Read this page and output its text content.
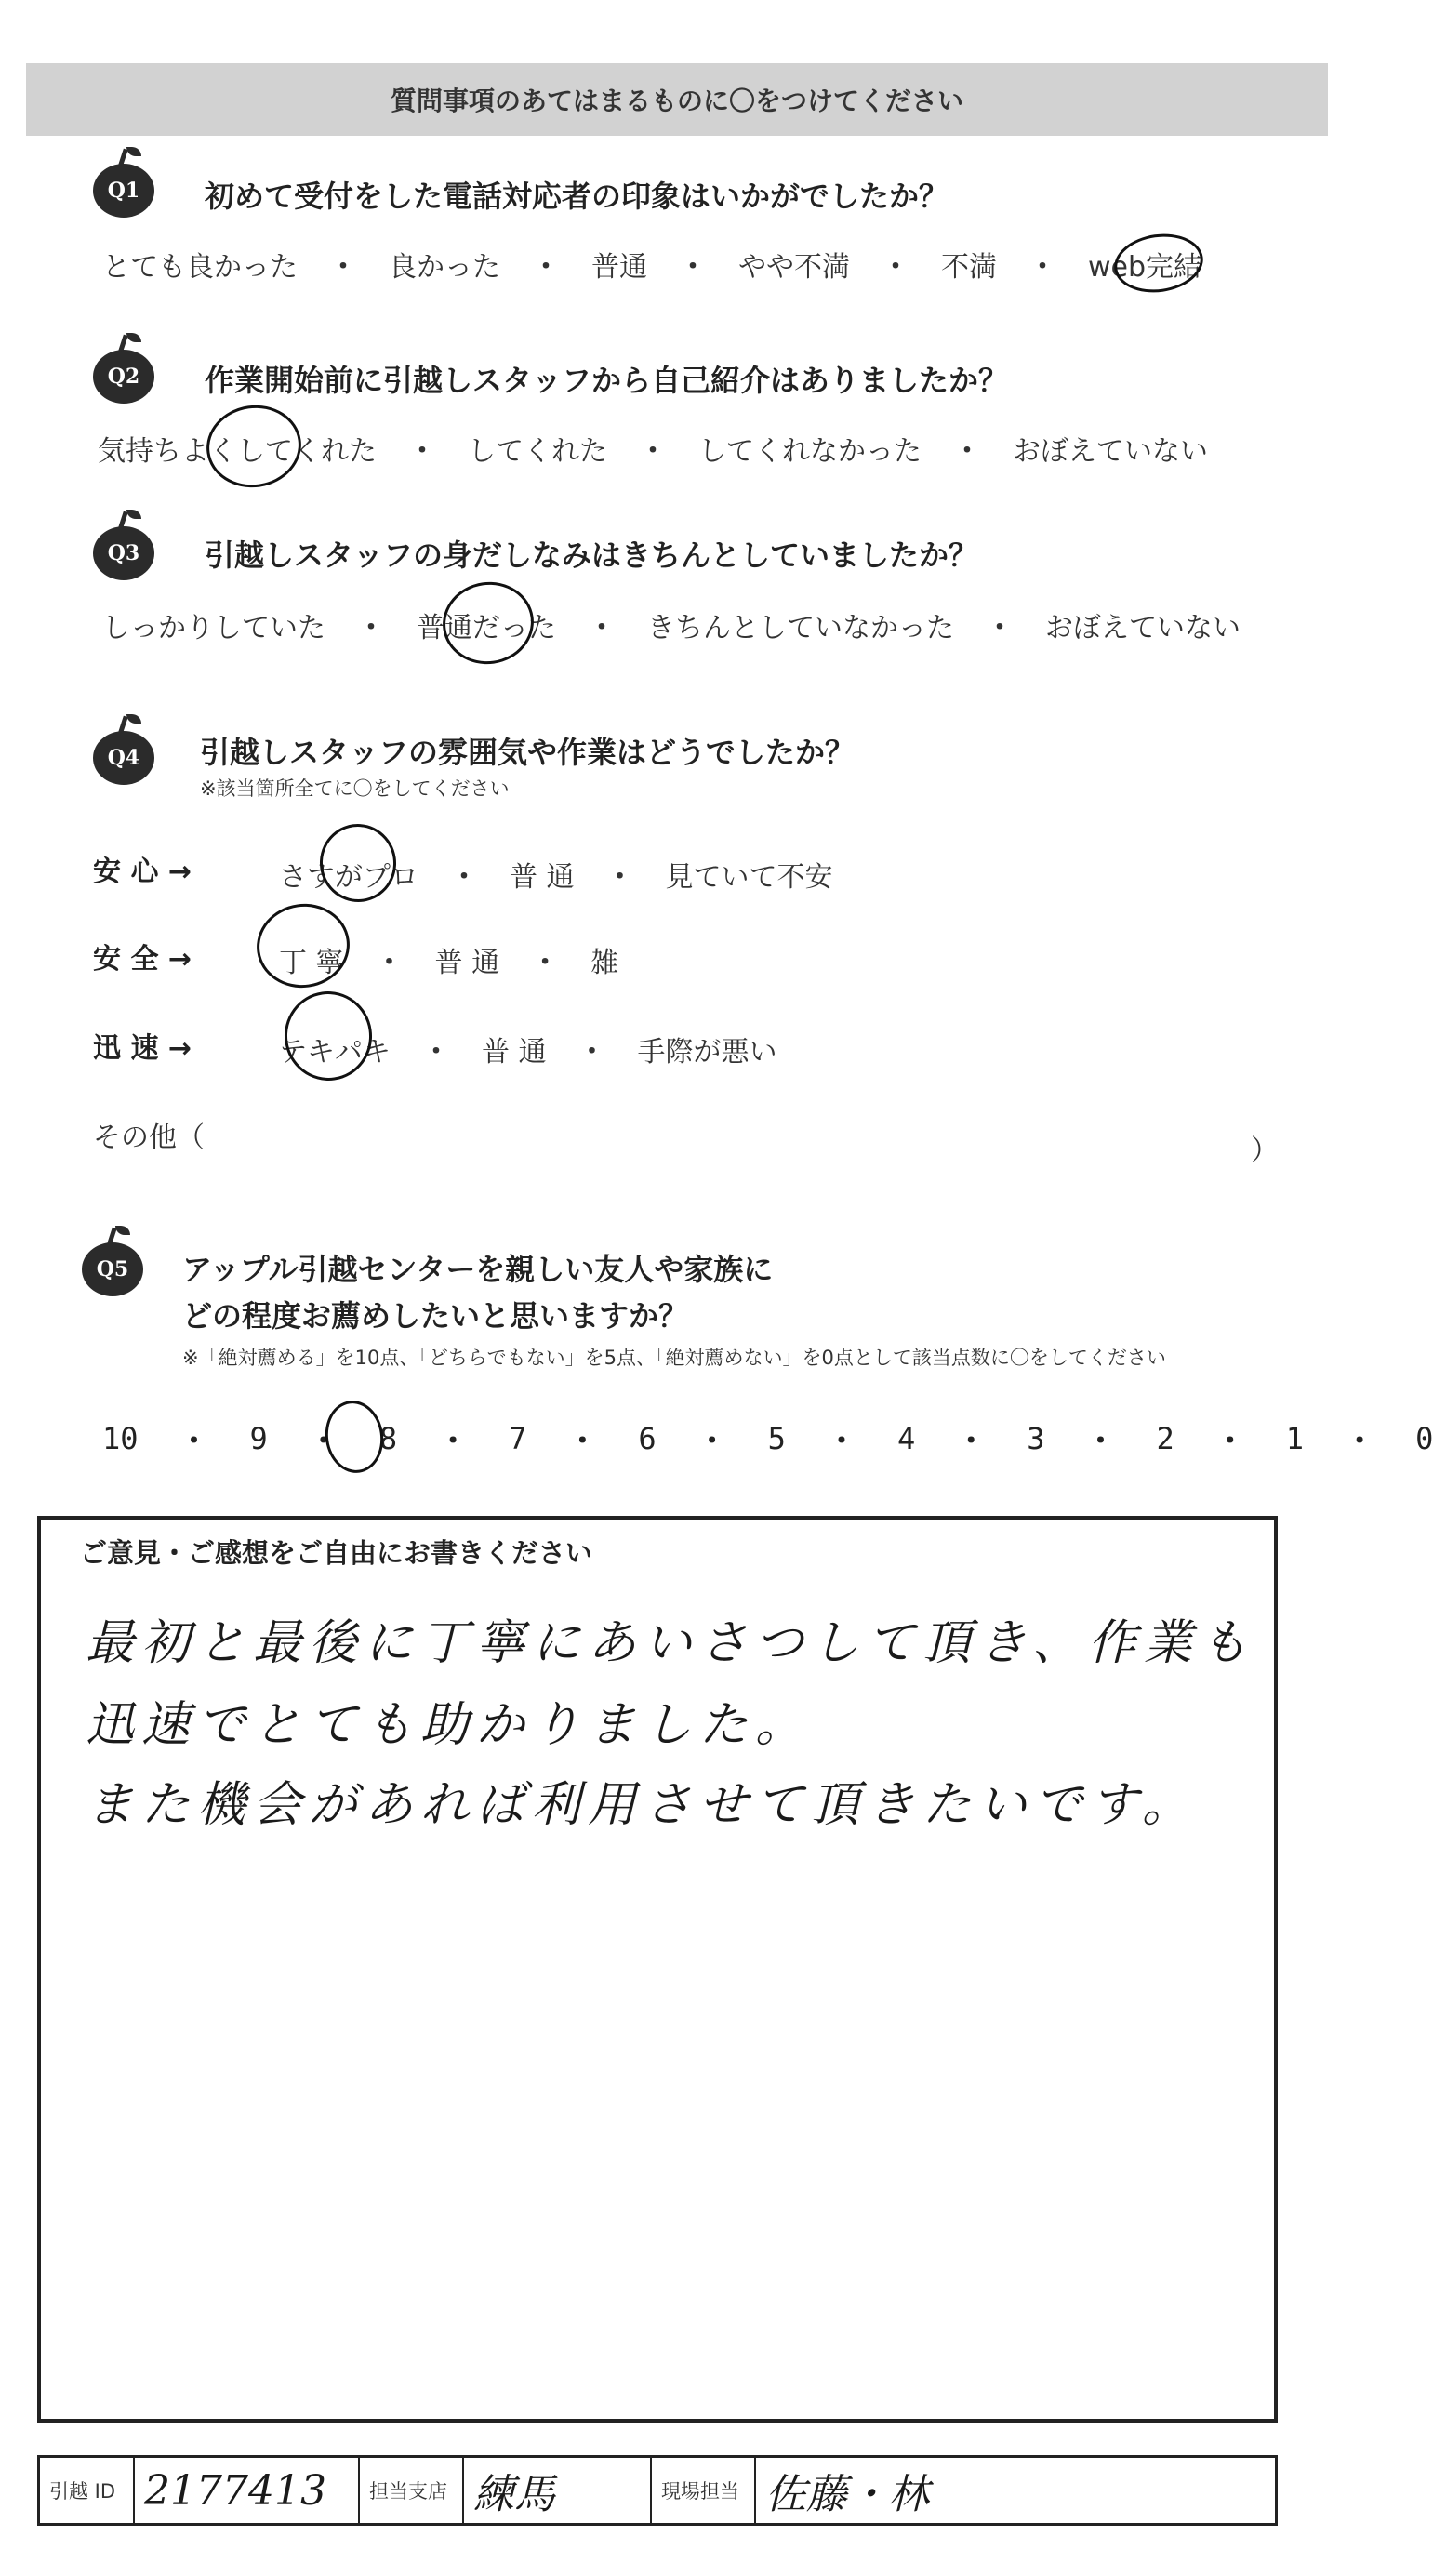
質問事項のあてはまるものに〇をつけてください
Q1 初めて受付をした電話対応者の印象はいかがでしたか？
とても良かった ・ 良かった ・ 普通 ・ やや不満 ・ 不満 ・ web完結
Q2 作業開始前に引越しスタッフから自己紹介はありましたか？
気持ちよくしてくれた ・ してくれた ・ してくれなかった ・ おぼえていない
Q3 引越しスタッフの身だしなみはきちんとしていましたか？
しっかりしていた ・ 普通だった ・ きちんとしていなかった ・ おぼえていない
Q4 引越しスタッフの雰囲気や作業はどうでしたか？
※該当箇所全てに〇をしてください
安 心 →	さすがプロ ・ 普 通 ・ 見ていて不安
安 全 →	丁 寧 ・ 普 通 ・ 雑
迅 速 →	テキパキ ・ 普 通 ・ 手際が悪い
その他（	）
Q5 アップル引越センターを親しい友人や家族に
どの程度お薦めしたいと思いますか？
※「絶対薦める」を10点、「どちらでもない」を5点、「絶対薦めない」を0点として該当点数に〇をしてください
10 ・ 9 ・ 8 ・ 7 ・ 6 ・ 5 ・ 4 ・ 3 ・ 2 ・ 1 ・ 0
ご意見・ご感想をご自由にお書きください
最初と最後に丁寧にあいさつして頂き、作業も
迅速でとても助かりました。
また機会があれば利用させて頂きたいです。
引越 ID 2177413	担当支店 練馬	現場担当 佐藤・林
